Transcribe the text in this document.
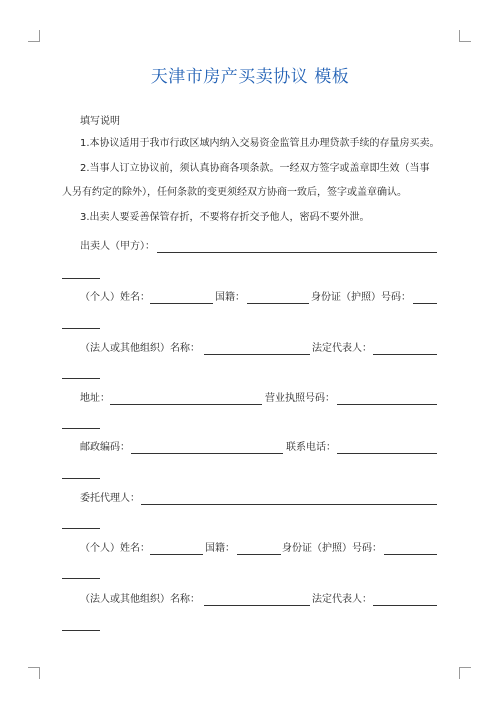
天津市房产买卖协议 模板
填写说明
1.本协议适用于我市行政区域内纳入交易资金监管且办理贷款手续的存量房买卖。
2.当事人订立协议前，须认真协商各项条款。一经双方签字或盖章即生效（当事
人另有约定的除外），任何条款的变更须经双方协商一致后，签字或盖章确认。
3.出卖人要妥善保管存折，不要将存折交予他人，密码不要外泄。
出卖人（甲方）：
（个人）姓名：	国籍：	身份证（护照）号码：
（法人或其他组织）名称：	法定代表人：
地址：	营业执照号码：
邮政编码：	联系电话：
委托代理人：
（个人）姓名：	国籍：	身份证（护照）号码：
（法人或其他组织）名称：	法定代表人：
